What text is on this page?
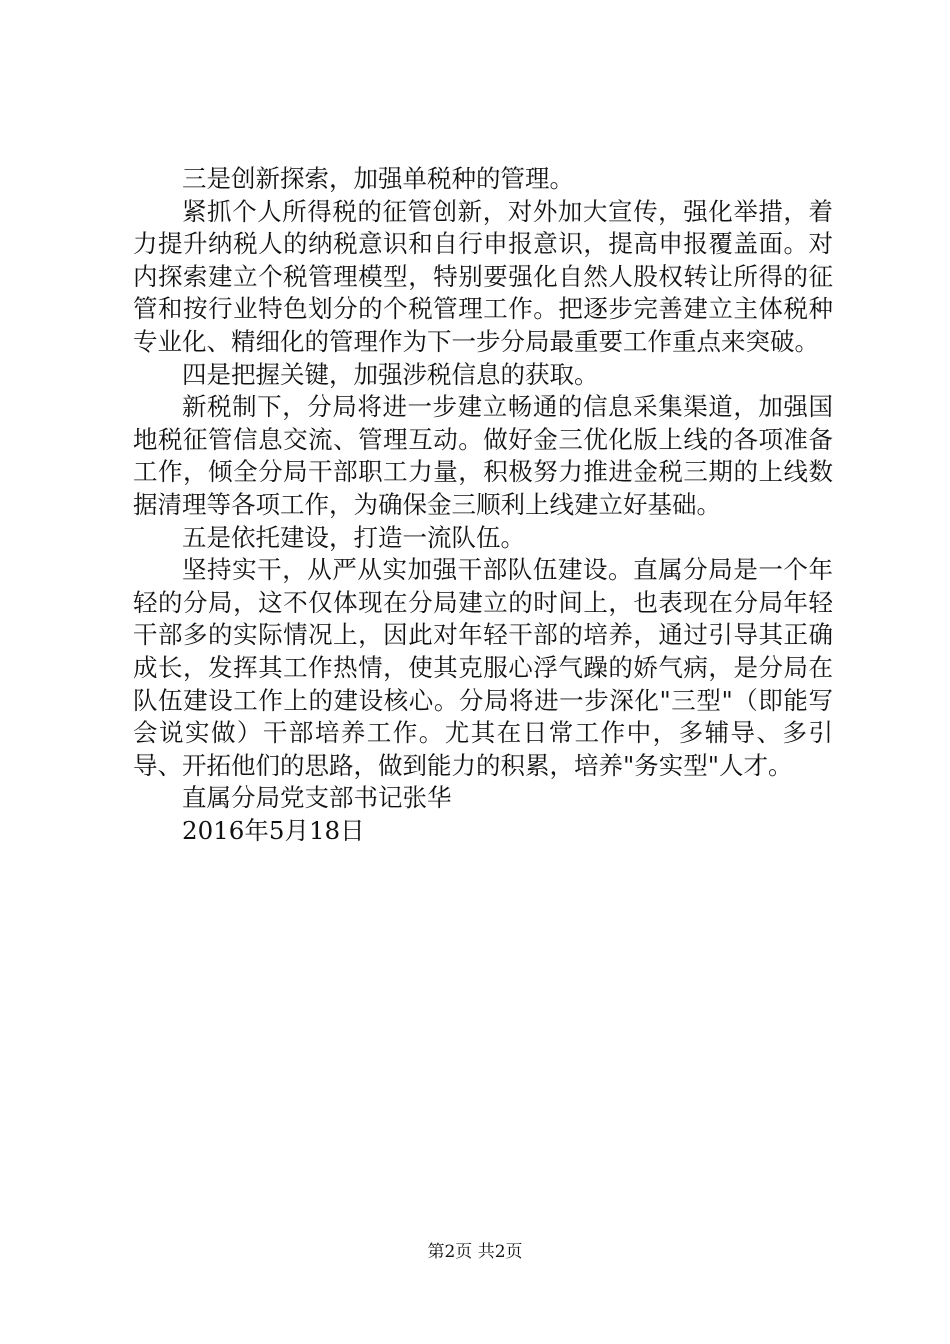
三是创新探索，加强单税种的管理。

紧抓个人所得税的征管创新，对外加大宣传，强化举措，着力提升纳税人的纳税意识和自行申报意识，提高申报覆盖面。对内探索建立个税管理模型，特别要强化自然人股权转让所得的征管和按行业特色划分的个税管理工作。把逐步完善建立主体税种专业化、精细化的管理作为下一步分局最重要工作重点来突破。

四是把握关键，加强涉税信息的获取。

新税制下，分局将进一步建立畅通的信息采集渠道，加强国地税征管信息交流、管理互动。做好金三优化版上线的各项准备工作，倾全分局干部职工力量，积极努力推进金税三期的上线数据清理等各项工作，为确保金三顺利上线建立好基础。

五是依托建设，打造一流队伍。

坚持实干，从严从实加强干部队伍建设。直属分局是一个年轻的分局，这不仅体现在分局建立的时间上，也表现在分局年轻干部多的实际情况上，因此对年轻干部的培养，通过引导其正确成长，发挥其工作热情，使其克服心浮气躁的娇气病，是分局在队伍建设工作上的建设核心。分局将进一步深化"三型"（即能写会说实做）干部培养工作。尤其在日常工作中，多辅导、多引导、开拓他们的思路，做到能力的积累，培养"务实型"人才。

直属分局党支部书记张华

2016年5月18日

第2页 共2页
